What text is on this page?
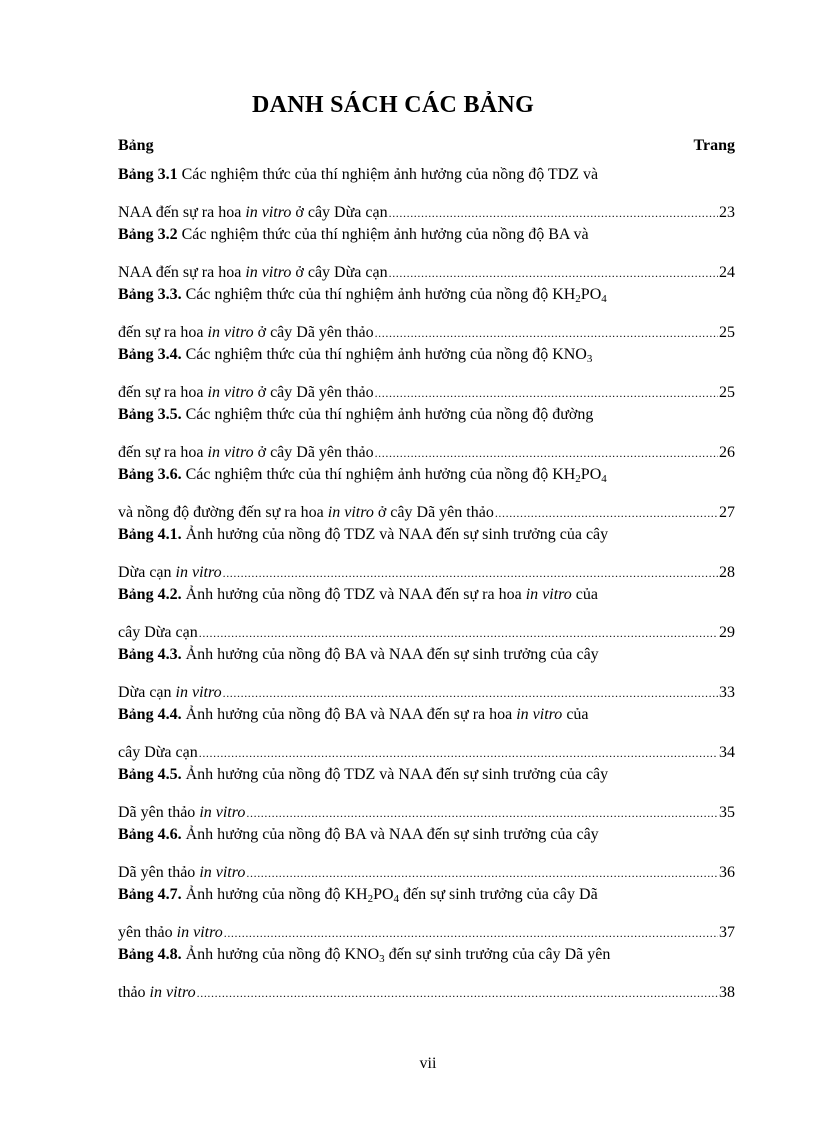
DANH SÁCH CÁC BẢNG
Bảng	Trang
Bảng 3.1 Các nghiệm thức của thí nghiệm ảnh hưởng của nồng độ TDZ và
NAA đến sự ra hoa in vitro ở cây Dừa cạn .....	23
Bảng 3.2 Các nghiệm thức của thí nghiệm ảnh hưởng của nồng độ BA và
NAA đến sự ra hoa in vitro ở cây Dừa cạn .....	24
Bảng 3.3. Các nghiệm thức của thí nghiệm ảnh hưởng của nồng độ $KH_2PO_4$
đến sự ra hoa in vitro ở cây Dã yên thảo .....	25
Bảng 3.4. Các nghiệm thức của thí nghiệm ảnh hưởng của nồng độ $KNO_3$
đến sự ra hoa in vitro ở cây Dã yên thảo .....	25
Bảng 3.5. Các nghiệm thức của thí nghiệm ảnh hưởng của nồng độ đường
đến sự ra hoa in vitro ở cây Dã yên thảo .....	26
Bảng 3.6. Các nghiệm thức của thí nghiệm ảnh hưởng của nồng độ $KH_2PO_4$
và nồng độ đường đến sự ra hoa in vitro ở cây Dã yên thảo .....	27
Bảng 4.1. Ảnh hưởng của nồng độ TDZ và NAA đến sự sinh trưởng của cây
Dừa cạn in vitro .....	28
Bảng 4.2. Ảnh hưởng của nồng độ TDZ và NAA đến sự ra hoa in vitro của
cây Dừa cạn .....	29
Bảng 4.3. Ảnh hưởng của nồng độ BA và NAA đến sự sinh trưởng của cây
Dừa cạn in vitro .....	33
Bảng 4.4. Ảnh hưởng của nồng độ BA và NAA đến sự ra hoa in vitro của
cây Dừa cạn .....	34
Bảng 4.5. Ảnh hưởng của nồng độ TDZ và NAA đến sự sinh trưởng của cây
Dã yên thảo in vitro .....	35
Bảng 4.6. Ảnh hưởng của nồng độ BA và NAA đến sự sinh trưởng của cây
Dã yên thảo in vitro .....	36
Bảng 4.7. Ảnh hưởng của nồng độ $KH_2PO_4$ đến sự sinh trưởng của cây Dã
yên thảo in vitro .....	37
Bảng 4.8. Ảnh hưởng của nồng độ $KNO_3$ đến sự sinh trưởng của cây Dã yên
thảo in vitro .....	38
vii
